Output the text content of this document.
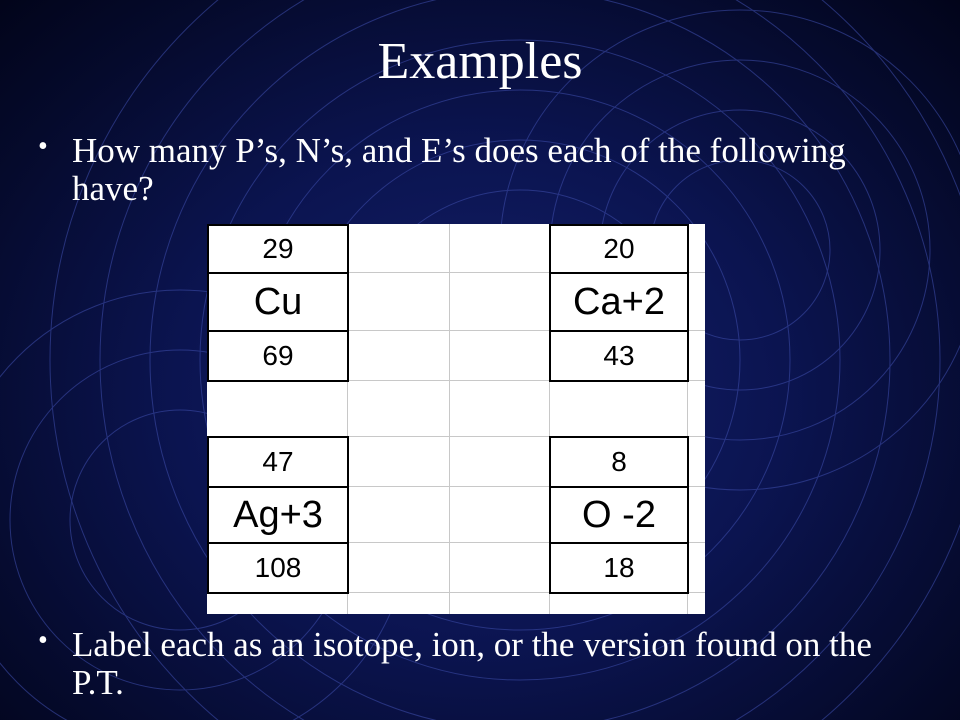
Examples
• How many P’s, N’s, and E’s does each of the following have?
29
Cu
69
20
Ca+2
43
47
Ag+3
108
8
O -2
18
• Label each as an isotope, ion, or the version found on the P.T.
